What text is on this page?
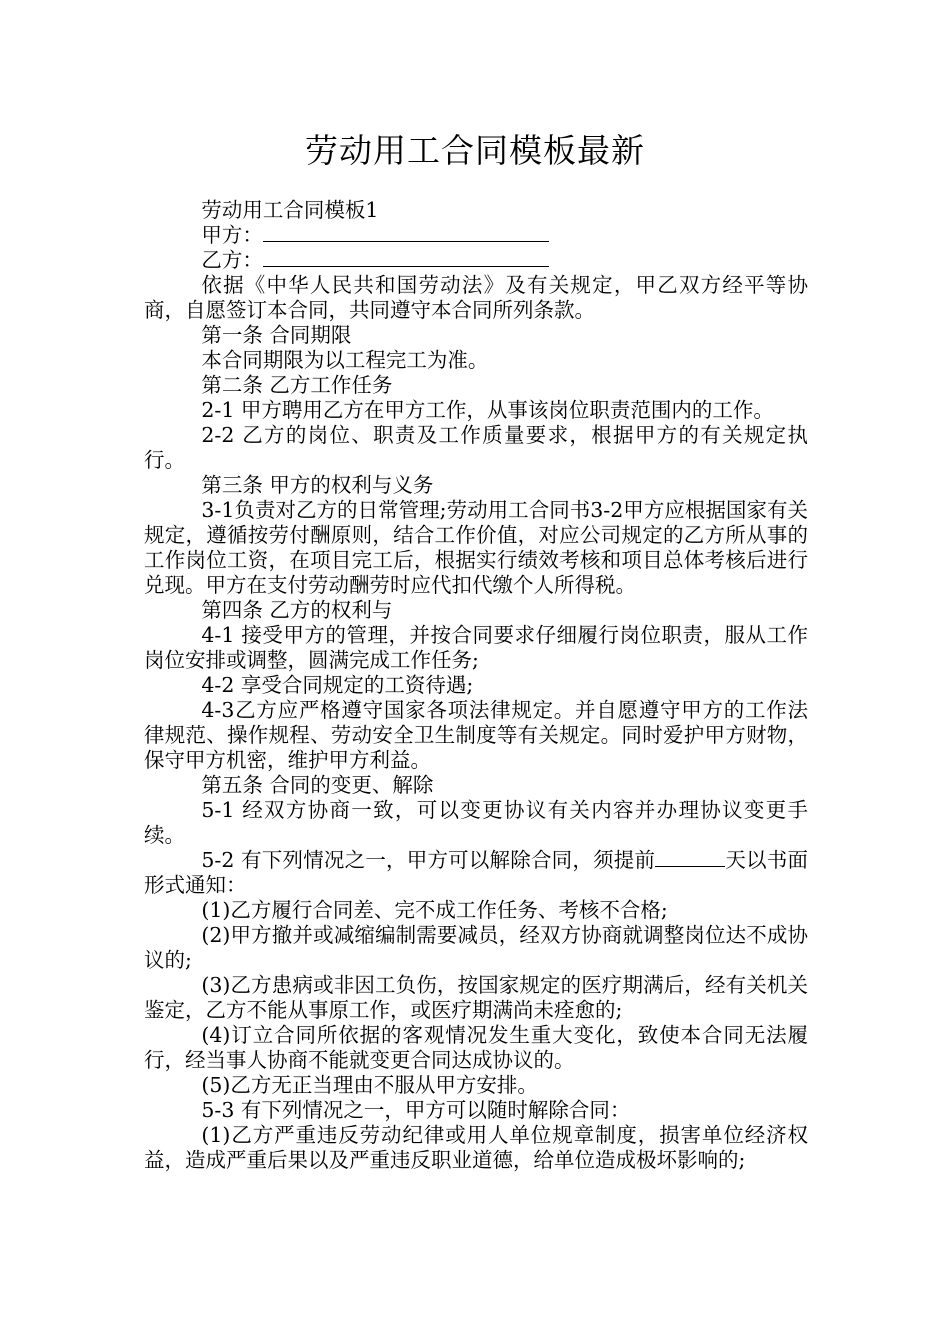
劳动用工合同模板最新

劳动用工合同模板1

甲方：

乙方：

依据《中华人民共和国劳动法》及有关规定，甲乙双方经平等协商，自愿签订本合同，共同遵守本合同所列条款。

第一条 合同期限

本合同期限为以工程完工为准。

第二条 乙方工作任务

2-1 甲方聘用乙方在甲方工作，从事该岗位职责范围内的工作。

2-2 乙方的岗位、职责及工作质量要求，根据甲方的有关规定执行。

第三条 甲方的权利与义务

3-1负责对乙方的日常管理;劳动用工合同书3-2甲方应根据国家有关规定，遵循按劳付酬原则，结合工作价值，对应公司规定的乙方所从事的工作岗位工资，在项目完工后，根据实行绩效考核和项目总体考核后进行兑现。甲方在支付劳动酬劳时应代扣代缴个人所得税。

第四条 乙方的权利与

4-1 接受甲方的管理，并按合同要求仔细履行岗位职责，服从工作岗位安排或调整，圆满完成工作任务;

4-2 享受合同规定的工资待遇;

4-3乙方应严格遵守国家各项法律规定。并自愿遵守甲方的工作法律规范、操作规程、劳动安全卫生制度等有关规定。同时爱护甲方财物，保守甲方机密，维护甲方利益。

第五条 合同的变更、解除

5-1 经双方协商一致，可以变更协议有关内容并办理协议变更手续。

5-2 有下列情况之一，甲方可以解除合同，须提前	天以书面形式通知：

(1)乙方履行合同差、完不成工作任务、考核不合格;

(2)甲方撤并或减缩编制需要减员，经双方协商就调整岗位达不成协议的;

(3)乙方患病或非因工负伤，按国家规定的医疗期满后，经有关机关鉴定，乙方不能从事原工作，或医疗期满尚未痊愈的;

(4)订立合同所依据的客观情况发生重大变化，致使本合同无法履行，经当事人协商不能就变更合同达成协议的。

(5)乙方无正当理由不服从甲方安排。

5-3 有下列情况之一，甲方可以随时解除合同：

(1)乙方严重违反劳动纪律或用人单位规章制度，损害单位经济权益，造成严重后果以及严重违反职业道德，给单位造成极坏影响的;
